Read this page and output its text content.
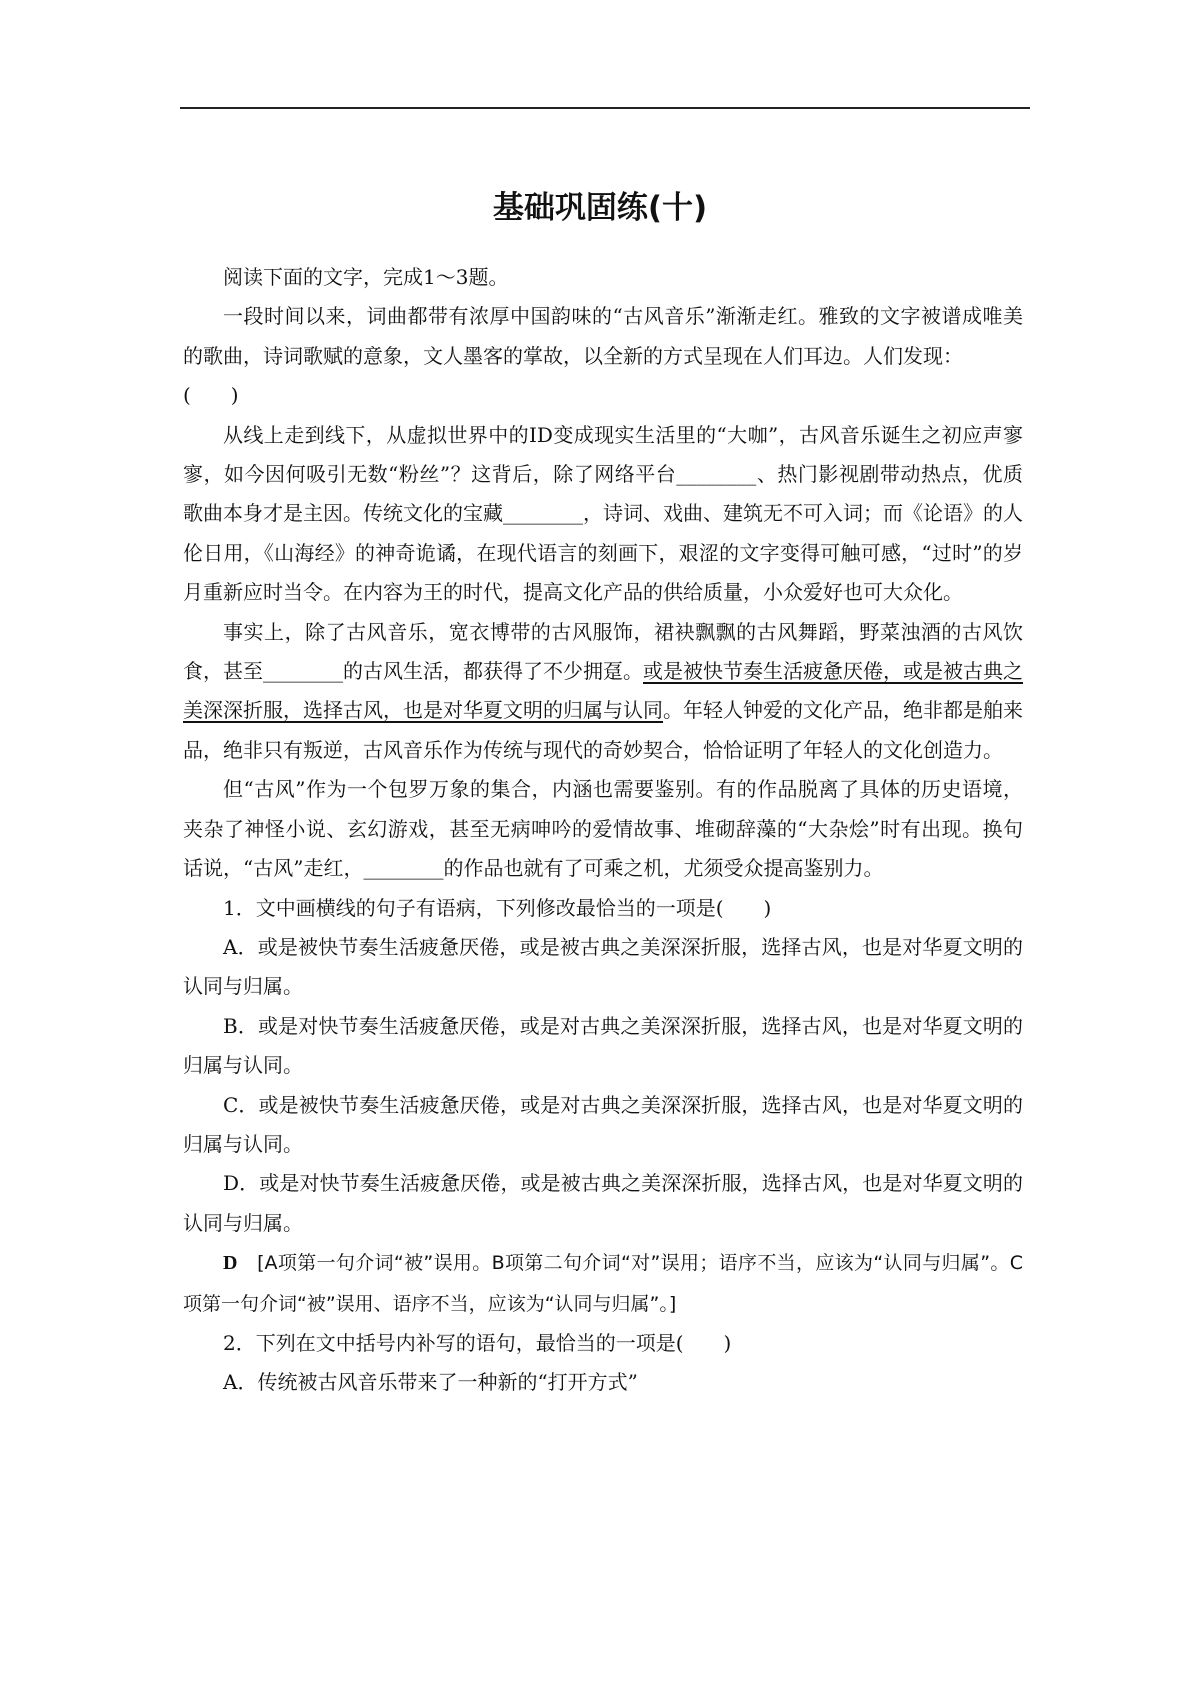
基础巩固练(十)

阅读下面的文字，完成1～3题。

一段时间以来，词曲都带有浓厚中国韵味的“古风音乐”渐渐走红。雅致的文字被谱成唯美的歌曲，诗词歌赋的意象，文人墨客的掌故，以全新的方式呈现在人们耳边。人们发现：

(　　)

从线上走到线下，从虚拟世界中的ID变成现实生活里的“大咖”，古风音乐诞生之初应声寥寥，如今因何吸引无数“粉丝”？这背后，除了网络平台________、热门影视剧带动热点，优质歌曲本身才是主因。传统文化的宝藏________，诗词、戏曲、建筑无不可入词；而《论语》的人伦日用，《山海经》的神奇诡谲，在现代语言的刻画下，艰涩的文字变得可触可感，“过时”的岁月重新应时当令。在内容为王的时代，提高文化产品的供给质量，小众爱好也可大众化。

事实上，除了古风音乐，宽衣博带的古风服饰，裙袂飘飘的古风舞蹈，野菜浊酒的古风饮食，甚至________的古风生活，都获得了不少拥趸。或是被快节奏生活疲惫厌倦，或是被古典之美深深折服，选择古风，也是对华夏文明的归属与认同。年轻人钟爱的文化产品，绝非都是舶来品，绝非只有叛逆，古风音乐作为传统与现代的奇妙契合，恰恰证明了年轻人的文化创造力。

但“古风”作为一个包罗万象的集合，内涵也需要鉴别。有的作品脱离了具体的历史语境，夹杂了神怪小说、玄幻游戏，甚至无病呻吟的爱情故事、堆砌辞藻的“大杂烩”时有出现。换句话说，“古风”走红，________的作品也就有了可乘之机，尤须受众提高鉴别力。

1．文中画横线的句子有语病，下列修改最恰当的一项是(　　)

A．或是被快节奏生活疲惫厌倦，或是被古典之美深深折服，选择古风，也是对华夏文明的认同与归属。

B．或是对快节奏生活疲惫厌倦，或是对古典之美深深折服，选择古风，也是对华夏文明的归属与认同。

C．或是被快节奏生活疲惫厌倦，或是对古典之美深深折服，选择古风，也是对华夏文明的归属与认同。

D．或是对快节奏生活疲惫厌倦，或是被古典之美深深折服，选择古风，也是对华夏文明的认同与归属。

D　[A项第一句介词“被”误用。B项第二句介词“对”误用；语序不当，应该为“认同与归属”。C项第一句介词“被”误用、语序不当，应该为“认同与归属”。]

2．下列在文中括号内补写的语句，最恰当的一项是(　　)

A．传统被古风音乐带来了一种新的“打开方式”
